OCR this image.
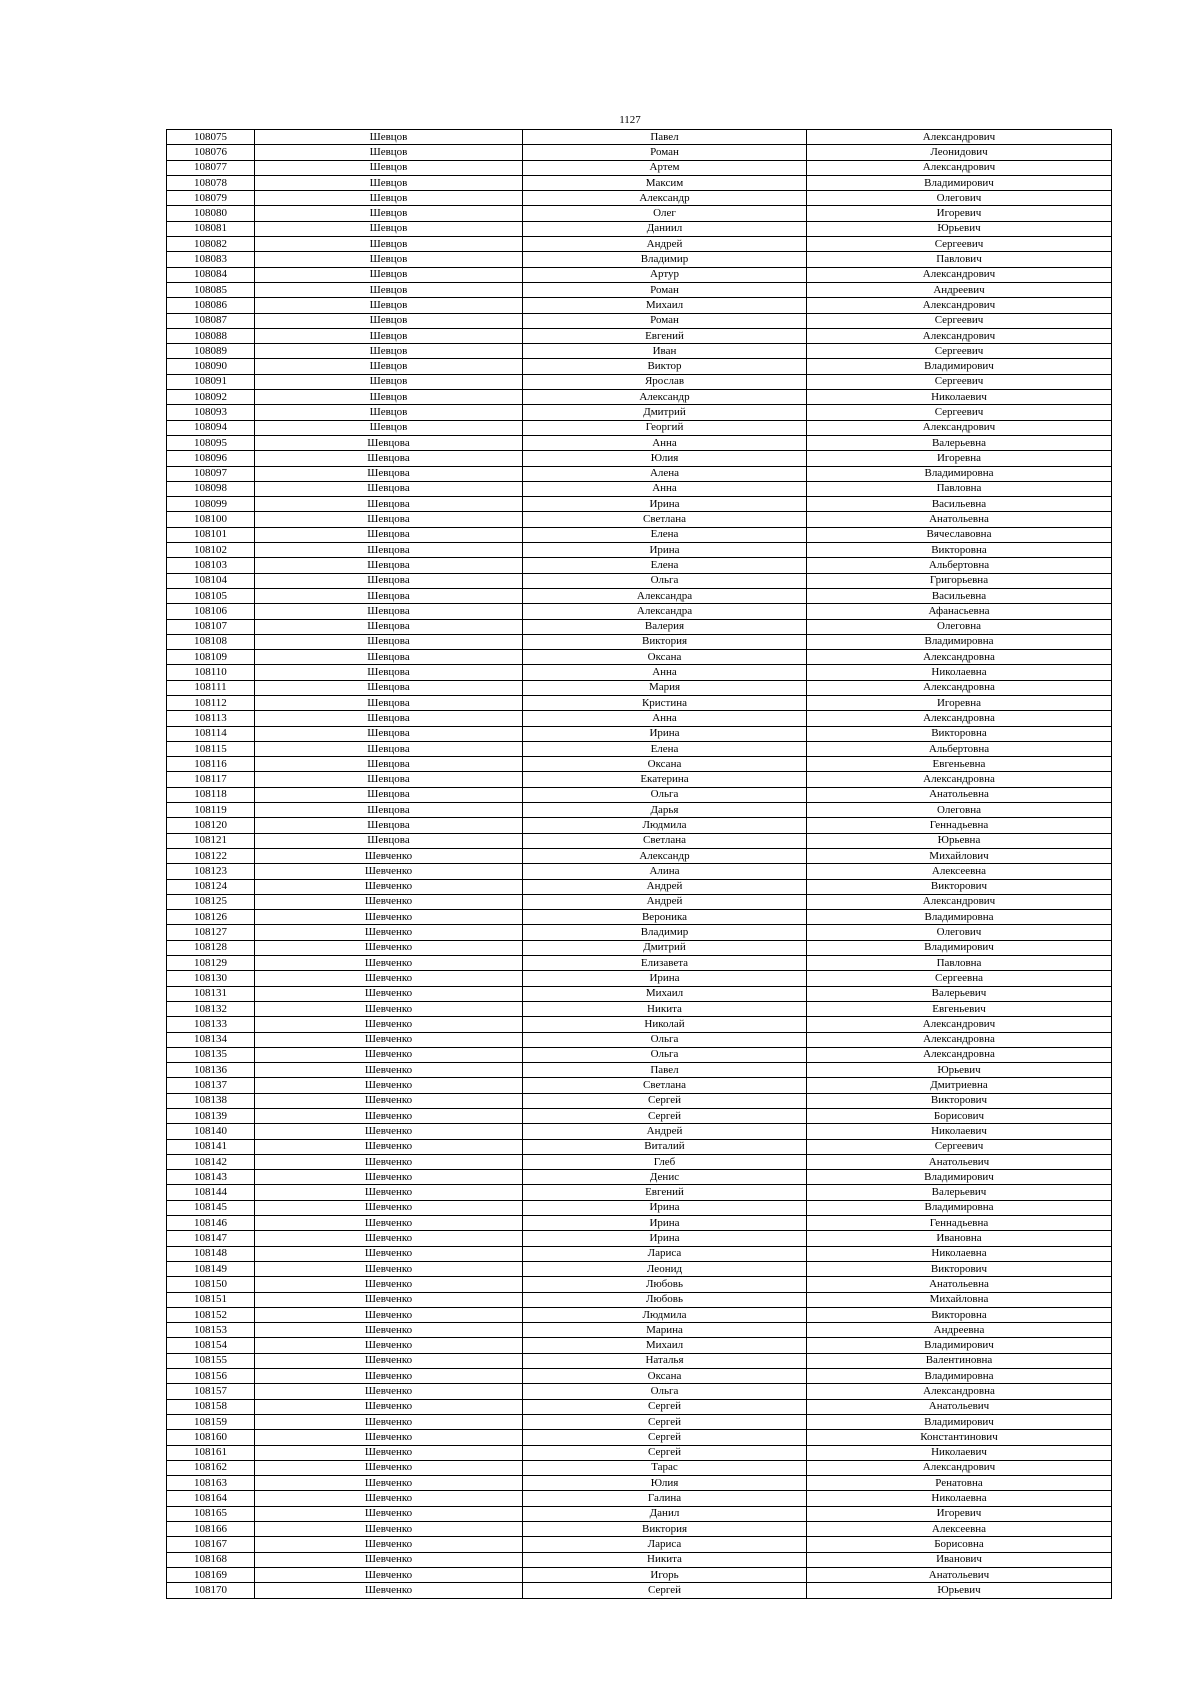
1127
108075	Шевцов	Павел	Александрович
108076	Шевцов	Роман	Леонидович
108077	Шевцов	Артем	Александрович
108078	Шевцов	Максим	Владимирович
108079	Шевцов	Александр	Олегович
108080	Шевцов	Олег	Игоревич
108081	Шевцов	Даниил	Юрьевич
108082	Шевцов	Андрей	Сергеевич
108083	Шевцов	Владимир	Павлович
108084	Шевцов	Артур	Александрович
108085	Шевцов	Роман	Андреевич
108086	Шевцов	Михаил	Александрович
108087	Шевцов	Роман	Сергеевич
108088	Шевцов	Евгений	Александрович
108089	Шевцов	Иван	Сергеевич
108090	Шевцов	Виктор	Владимирович
108091	Шевцов	Ярослав	Сергеевич
108092	Шевцов	Александр	Николаевич
108093	Шевцов	Дмитрий	Сергеевич
108094	Шевцов	Георгий	Александрович
108095	Шевцова	Анна	Валерьевна
108096	Шевцова	Юлия	Игоревна
108097	Шевцова	Алена	Владимировна
108098	Шевцова	Анна	Павловна
108099	Шевцова	Ирина	Васильевна
108100	Шевцова	Светлана	Анатольевна
108101	Шевцова	Елена	Вячеславовна
108102	Шевцова	Ирина	Викторовна
108103	Шевцова	Елена	Альбертовна
108104	Шевцова	Ольга	Григорьевна
108105	Шевцова	Александра	Васильевна
108106	Шевцова	Александра	Афанасьевна
108107	Шевцова	Валерия	Олеговна
108108	Шевцова	Виктория	Владимировна
108109	Шевцова	Оксана	Александровна
108110	Шевцова	Анна	Николаевна
108111	Шевцова	Мария	Александровна
108112	Шевцова	Кристина	Игоревна
108113	Шевцова	Анна	Александровна
108114	Шевцова	Ирина	Викторовна
108115	Шевцова	Елена	Альбертовна
108116	Шевцова	Оксана	Евгеньевна
108117	Шевцова	Екатерина	Александровна
108118	Шевцова	Ольга	Анатольевна
108119	Шевцова	Дарья	Олеговна
108120	Шевцова	Людмила	Геннадьевна
108121	Шевцова	Светлана	Юрьевна
108122	Шевченко	Александр	Михайлович
108123	Шевченко	Алина	Алексеевна
108124	Шевченко	Андрей	Викторович
108125	Шевченко	Андрей	Александрович
108126	Шевченко	Вероника	Владимировна
108127	Шевченко	Владимир	Олегович
108128	Шевченко	Дмитрий	Владимирович
108129	Шевченко	Елизавета	Павловна
108130	Шевченко	Ирина	Сергеевна
108131	Шевченко	Михаил	Валерьевич
108132	Шевченко	Никита	Евгеньевич
108133	Шевченко	Николай	Александрович
108134	Шевченко	Ольга	Александровна
108135	Шевченко	Ольга	Александровна
108136	Шевченко	Павел	Юрьевич
108137	Шевченко	Светлана	Дмитриевна
108138	Шевченко	Сергей	Викторович
108139	Шевченко	Сергей	Борисович
108140	Шевченко	Андрей	Николаевич
108141	Шевченко	Виталий	Сергеевич
108142	Шевченко	Глеб	Анатольевич
108143	Шевченко	Денис	Владимирович
108144	Шевченко	Евгений	Валерьевич
108145	Шевченко	Ирина	Владимировна
108146	Шевченко	Ирина	Геннадьевна
108147	Шевченко	Ирина	Ивановна
108148	Шевченко	Лариса	Николаевна
108149	Шевченко	Леонид	Викторович
108150	Шевченко	Любовь	Анатольевна
108151	Шевченко	Любовь	Михайловна
108152	Шевченко	Людмила	Викторовна
108153	Шевченко	Марина	Андреевна
108154	Шевченко	Михаил	Владимирович
108155	Шевченко	Наталья	Валентиновна
108156	Шевченко	Оксана	Владимировна
108157	Шевченко	Ольга	Александровна
108158	Шевченко	Сергей	Анатольевич
108159	Шевченко	Сергей	Владимирович
108160	Шевченко	Сергей	Константинович
108161	Шевченко	Сергей	Николаевич
108162	Шевченко	Тарас	Александрович
108163	Шевченко	Юлия	Ренатовна
108164	Шевченко	Галина	Николаевна
108165	Шевченко	Данил	Игоревич
108166	Шевченко	Виктория	Алексеевна
108167	Шевченко	Лариса	Борисовна
108168	Шевченко	Никита	Иванович
108169	Шевченко	Игорь	Анатольевич
108170	Шевченко	Сергей	Юрьевич
